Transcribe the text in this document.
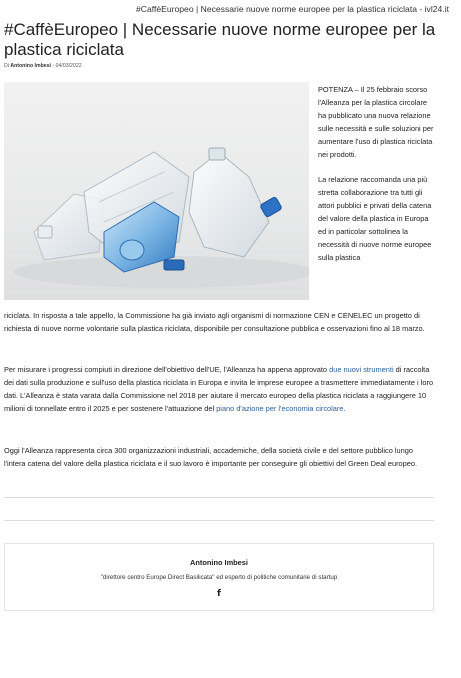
#CaffèEuropeo | Necessarie nuove norme europee per la plastica riciclata - ivl24.it
#CaffèEuropeo | Necessarie nuove norme europee per la plastica riciclata
Di Antonino Imbesi - 04/03/2022

POTENZA – Il 25 febbraio scorso l'Alleanza per la plastica circolare ha pubblicato una nuova relazione sulle necessità e sulle soluzioni per aumentare l'uso di plastica riciclata nei prodotti.

La relazione raccomanda una più stretta collaborazione tra tutti gli attori pubblici e privati della catena del valore della plastica in Europa ed in particolar sottolinea la necessità di nuove norme europee sulla plastica

riciclata. In risposta a tale appello, la Commissione ha già inviato agli organismi di normazione CEN e CENELEC un progetto di richiesta di nuove norme volontarie sulla plastica riciclata, disponibile per consultazione pubblica e osservazioni fino al 18 marzo.

Per misurare i progressi compiuti in direzione dell'obiettivo dell'UE, l'Alleanza ha appena approvato due nuovi strumenti di raccolta dei dati sulla produzione e sull'uso della plastica riciclata in Europa e invita le imprese europee a trasmettere immediatamente i loro dati. L'Alleanza è stata varata dalla Commissione nel 2018 per aiutare il mercato europeo della plastica riciclata a raggiungere 10 milioni di tonnellate entro il 2025 e per sostenere l'attuazione del piano d'azione per l'economia circolare.

Oggi l'Alleanza rappresenta circa 300 organizzazioni industriali, accademiche, della società civile e del settore pubblico lungo l'intera catena del valore della plastica riciclata e il suo lavoro è importante per conseguire gli obiettivi del Green Deal europeo.

Antonino Imbesi
"direttore centro Europe Direct Basilicata" ed esperto di politiche comunitarie di startup
f
